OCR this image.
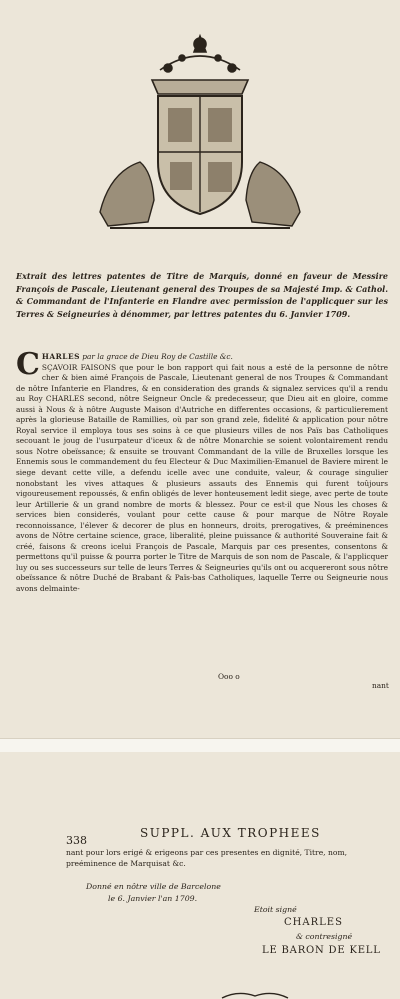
Extrait des lettres patentes de Titre de Marquis, donné en faveur de Messire François de Pascale, Lieutenant general des Troupes de sa Majesté Imp. & Cathol. & Commandant de l'Infanterie en Flandre avec permission de l'applicquer sur les Terres & Seigneuries à dénommer, par lettres patentes du 6. Janvier 1709.
CHARLES par la grace de Dieu Roy de Castille &c.

SÇAVOIR FAISONS que pour le bon rapport qui fait nous a esté de la personne de nôtre cher & bien aimé François de Pascale, Lieutenant general de nos Troupes & Commandant de nôtre Infanterie en Flandres, & en consideration des grands & signalez services qu'il a rendu au Roy CHARLES second, nôtre Seigneur Oncle & predecesseur, que Dieu ait en gloire, comme aussi à Nous & à nôtre Auguste Maison d'Autriche en differentes occasions, & particulierement après la glorieuse Bataille de Ramillies, où par son grand zele, fidelité & application pour nôtre Royal service il employa tous ses soins à ce que plusieurs villes de nos Païs bas Catholiques secouant le joug de l'usurpateur d'iceux & de nôtre Monarchie se soient volontairement rendu sous Notre obeïssance; & ensuite se trouvant Commandant de la ville de Bruxelles lorsque les Ennemis sous le commandement du feu Electeur & Duc Maximilien-Emanuel de Baviere mirent le siege devant cette ville, a defendu icelle avec une conduite, valeur, & courage singulier nonobstant les vives attaques & plusieurs assauts des Ennemis qui furent toûjours vigoureusement repoussés, & enfin obligés de lever honteusement ledit siege, avec perte de toute leur Artillerie & un grand nombre de morts & blessez. Pour ce est-il que Nous les choses & services bien considerés, voulant pour cette cause & pour marque de Nôtre Royale reconnoissance, l'élever & decorer de plus en honneurs, droits, prerogatives, & preéminences avons de Nôtre certaine science, grace, liberalité, pleine puissance & authorité Souveraine fait & créé, faisons & creons icelui François de Pascale, Marquis par ces presentes, consentons & permettons qu'il puisse & pourra porter le Titre de Marquis de son nom de Pascale, & l'applicquer luy ou ses successeurs sur telle de leurs Terres & Seigneuries qu'ils ont ou acquereront sous nôtre obeïssance & nôtre Duché de Brabant & Païs-bas Catholiques, laquelle Terre ou Seigneurie nous avons delmainte-

Ooo o
nant
338
SUPPL. AUX TROPHEES
nant pour lors erigé & erigeons par ces presentes en dignité, Titre, nom, preéminence de Marquisat &c.
Donné en nôtre ville de Barcelone
le 6. Janvier l'an 1709.
Etoit signé
CHARLES
& contresigné
LE BARON DE KELL
